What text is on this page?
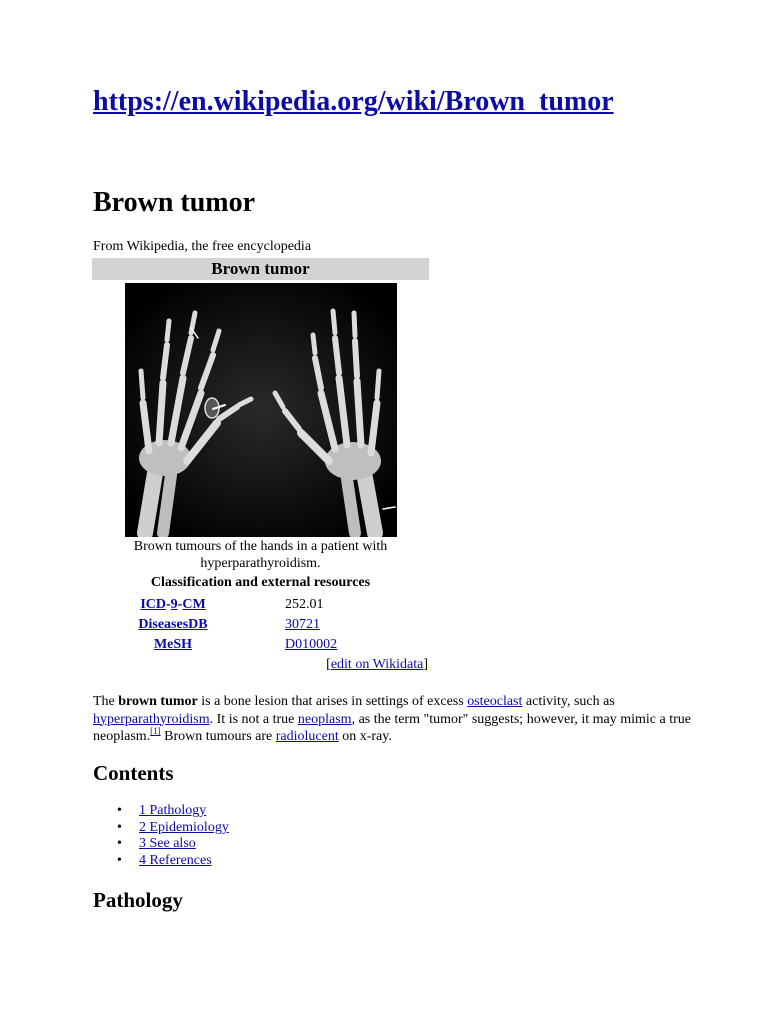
https://en.wikipedia.org/wiki/Brown_tumor
Brown tumor
From Wikipedia, the free encyclopedia
Brown tumor
Brown tumours of the hands in a patient with
hyperparathyroidism.
Classification and external resources
ICD-9-CM	252.01
DiseasesDB	30721
MeSH	D010002
[edit on Wikidata]
The brown tumor is a bone lesion that arises in settings of excess osteoclast activity, such as hyperparathyroidism. It is not a true neoplasm, as the term "tumor" suggests; however, it may mimic a true neoplasm.[1] Brown tumours are radiolucent on x-ray.
Contents
• 1 Pathology
• 2 Epidemiology
• 3 See also
• 4 References
Pathology
